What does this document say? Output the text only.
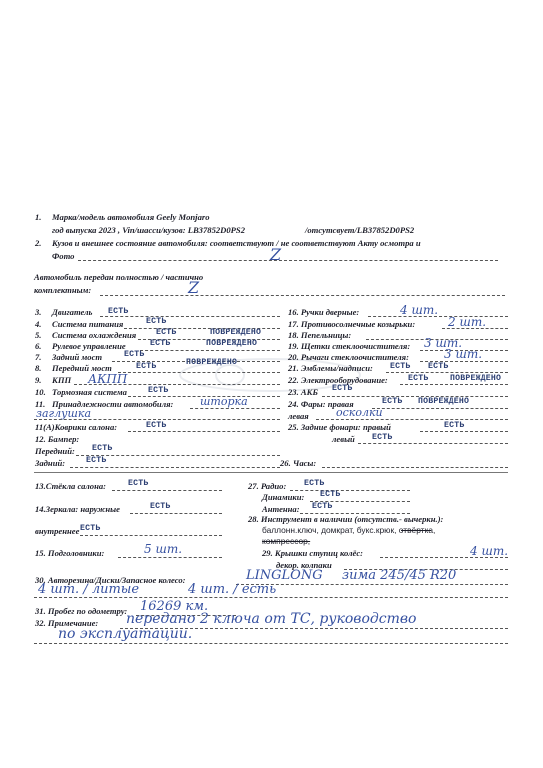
1. Марка/модель автомобиля Geely Monjaro
год выпуска 2023 , Vin/шасси/кузов: LB37852D0PS2	/отсутсвует/LB37852D0PS2
2. Кузов и внешнее состояние автомобиля: соответствуют / не соответствуют Акту осмотра и
Фото	Z
Автомобиль передан полностью / частично
комплектным:	Z
3. Двигатель ЕСТЬ
4. Система питания	ЕСТЬ
5. Система охлаждения ЕСТЬ	ПОВРЕЖДЕНО
6. Рулевое управление	ЕСТЬ	ПОВРЕЖДЕНО
7. Задний мост	ЕСТЬ
8. Передний мост	ЕСТЬ	ПОВРЕЖДЕНО
9. КПП АКПП
10. Тормозная система	ЕСТЬ
11. Принадлежности автомобиля: шторка
заглушка
11(А)Коврики салона:	ЕСТЬ
12. Бампер:
Передний: ЕСТЬ
Задний:	ЕСТЬ
16. Ручки дверные:	4 шт.
17. Противосолнечные козырьки:	2 шт.
18. Пепельницы:
19. Щетки стеклоочистителя: 3 шт.
20. Рычаги стеклоочистителя:	3 шт.
21. Эмблемы/надписи: ЕСТЬ ЕСТЬ
22. Электрооборудование: ЕСТЬ	ПОВРЕЖДЕНО
23. АКБ ЕСТЬ
24. Фары: правая	ЕСТЬ ПОВРЕЖДЕНО
левая осколки
25. Задние фонари: правый	ЕСТЬ
левый ЕСТЬ
26. Часы:
13.Стёкла салона:	ЕСТЬ	27. Радио: ЕСТЬ
Динамики: ЕСТЬ
14.Зеркала: наружные	ЕСТЬ	Антенна: ЕСТЬ
28. Инструмент в наличии (отсутств.- вычеркн.):
внутреннее ЕСТЬ	баллонн.ключ, домкрат, букс.крюк, отвёртка,
компрессор,
15. Подголовники:	5 шт.	29. Крышки ступиц колёс:	4 шт.
декор. колпаки
30. Авторезина/Диски/Запасное колесо:	LINGLONG зима 245/45 R20
4 шт. / литые	4 шт. / есть
31. Пробег по одометру: 16269 км.
32. Примечание: передано 2 ключа от ТС, руководство
по эксплуатации.
